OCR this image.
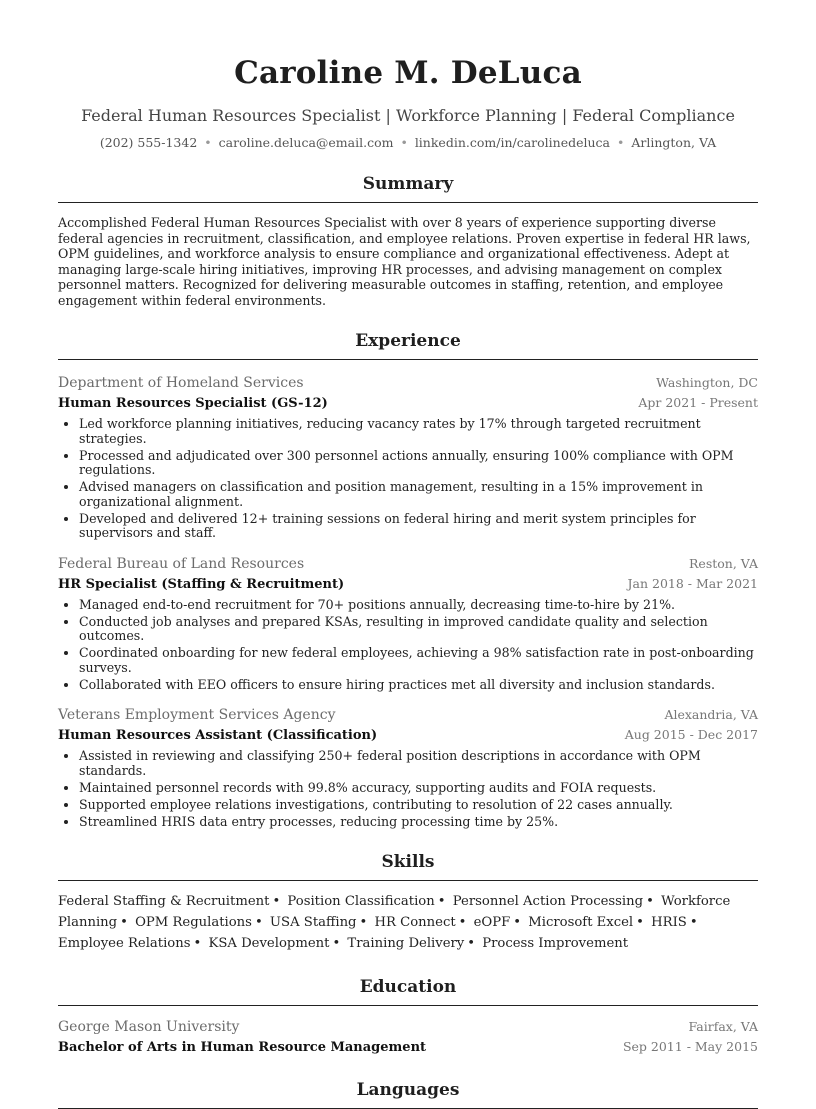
Caroline M. DeLuca
Federal Human Resources Specialist | Workforce Planning | Federal Compliance
(202) 555-1342 • caroline.deluca@email.com • linkedin.com/in/carolinedeluca • Arlington, VA
Summary
Accomplished Federal Human Resources Specialist with over 8 years of experience supporting diverse federal agencies in recruitment, classification, and employee relations. Proven expertise in federal HR laws, OPM guidelines, and workforce analysis to ensure compliance and organizational effectiveness. Adept at managing large-scale hiring initiatives, improving HR processes, and advising management on complex personnel matters. Recognized for delivering measurable outcomes in staffing, retention, and employee engagement within federal environments.
Experience
Department of Homeland Services	Washington, DC
Human Resources Specialist (GS-12)	Apr 2021 - Present
• Led workforce planning initiatives, reducing vacancy rates by 17% through targeted recruitment strategies.
• Processed and adjudicated over 300 personnel actions annually, ensuring 100% compliance with OPM regulations.
• Advised managers on classification and position management, resulting in a 15% improvement in organizational alignment.
• Developed and delivered 12+ training sessions on federal hiring and merit system principles for supervisors and staff.
Federal Bureau of Land Resources	Reston, VA
HR Specialist (Staffing & Recruitment)	Jan 2018 - Mar 2021
• Managed end-to-end recruitment for 70+ positions annually, decreasing time-to-hire by 21%.
• Conducted job analyses and prepared KSAs, resulting in improved candidate quality and selection outcomes.
• Coordinated onboarding for new federal employees, achieving a 98% satisfaction rate in post-onboarding surveys.
• Collaborated with EEO officers to ensure hiring practices met all diversity and inclusion standards.
Veterans Employment Services Agency	Alexandria, VA
Human Resources Assistant (Classification)	Aug 2015 - Dec 2017
• Assisted in reviewing and classifying 250+ federal position descriptions in accordance with OPM standards.
• Maintained personnel records with 99.8% accuracy, supporting audits and FOIA requests.
• Supported employee relations investigations, contributing to resolution of 22 cases annually.
• Streamlined HRIS data entry processes, reducing processing time by 25%.
Skills
Federal Staffing & Recruitment • Position Classification • Personnel Action Processing • Workforce Planning • OPM Regulations • USA Staffing • HR Connect • eOPF • Microsoft Excel • HRIS • Employee Relations • KSA Development • Training Delivery • Process Improvement
Education
George Mason University	Fairfax, VA
Bachelor of Arts in Human Resource Management	Sep 2011 - May 2015
Languages
